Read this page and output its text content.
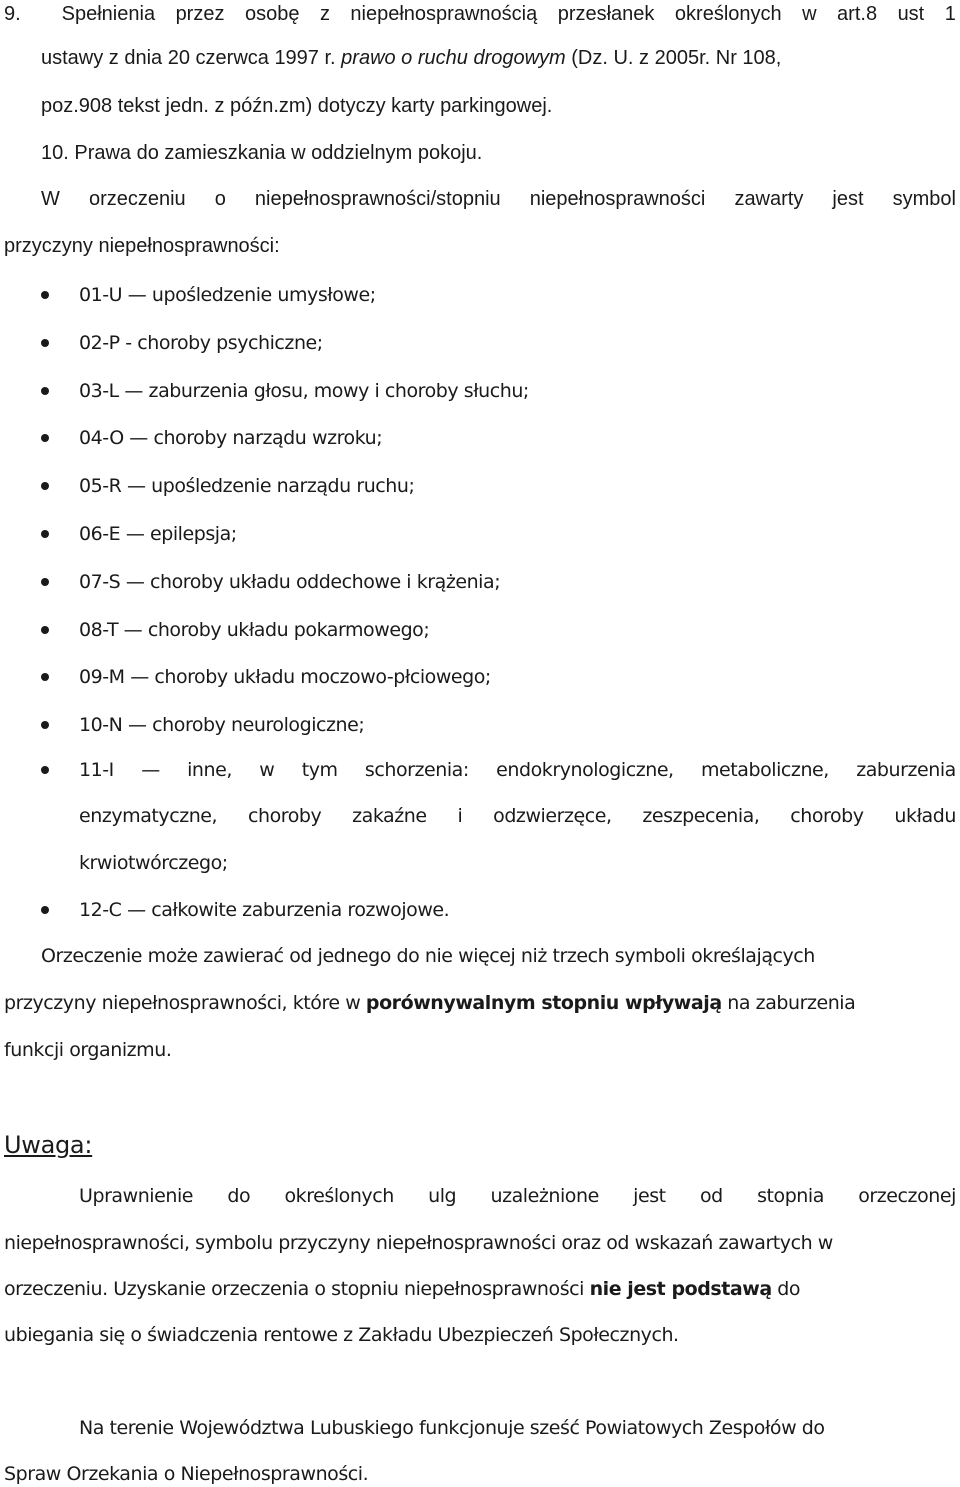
9. Spełnienia przez osobę z niepełnosprawnością przesłanek określonych w art.8 ust 1
ustawy z dnia 20 czerwca 1997 r. prawo o ruchu drogowym (Dz. U. z 2005r. Nr 108,
poz.908 tekst jedn. z późn.zm) dotyczy karty parkingowej.
10. Prawa do zamieszkania w oddzielnym pokoju.
W orzeczeniu o niepełnosprawności/stopniu niepełnosprawności zawarty jest symbol
przyczyny niepełnosprawności:
01-U — upośledzenie umysłowe;
02-P - choroby psychiczne;
03-L — zaburzenia głosu, mowy i choroby słuchu;
04-O — choroby narządu wzroku;
05-R — upośledzenie narządu ruchu;
06-E — epilepsja;
07-S — choroby układu oddechowe i krążenia;
08-T — choroby układu pokarmowego;
09-M — choroby układu moczowo-płciowego;
10-N — choroby neurologiczne;
11-I — inne, w tym schorzenia: endokrynologiczne, metaboliczne, zaburzenia
enzymatyczne, choroby zakaźne i odzwierzęce, zeszpecenia, choroby układu
krwiotwórczego;
12-C — całkowite zaburzenia rozwojowe.
Orzeczenie może zawierać od jednego do nie więcej niż trzech symboli określających
przyczyny niepełnosprawności, które w porównywalnym stopniu wpływają na zaburzenia
funkcji organizmu.
Uwaga:
Uprawnienie do określonych ulg uzależnione jest od stopnia orzeczonej
niepełnosprawności, symbolu przyczyny niepełnosprawności oraz od wskazań zawartych w
orzeczeniu. Uzyskanie orzeczenia o stopniu niepełnosprawności nie jest podstawą do
ubiegania się o świadczenia rentowe z Zakładu Ubezpieczeń Społecznych.
Na terenie Województwa Lubuskiego funkcjonuje sześć Powiatowych Zespołów do
Spraw Orzekania o Niepełnosprawności.
